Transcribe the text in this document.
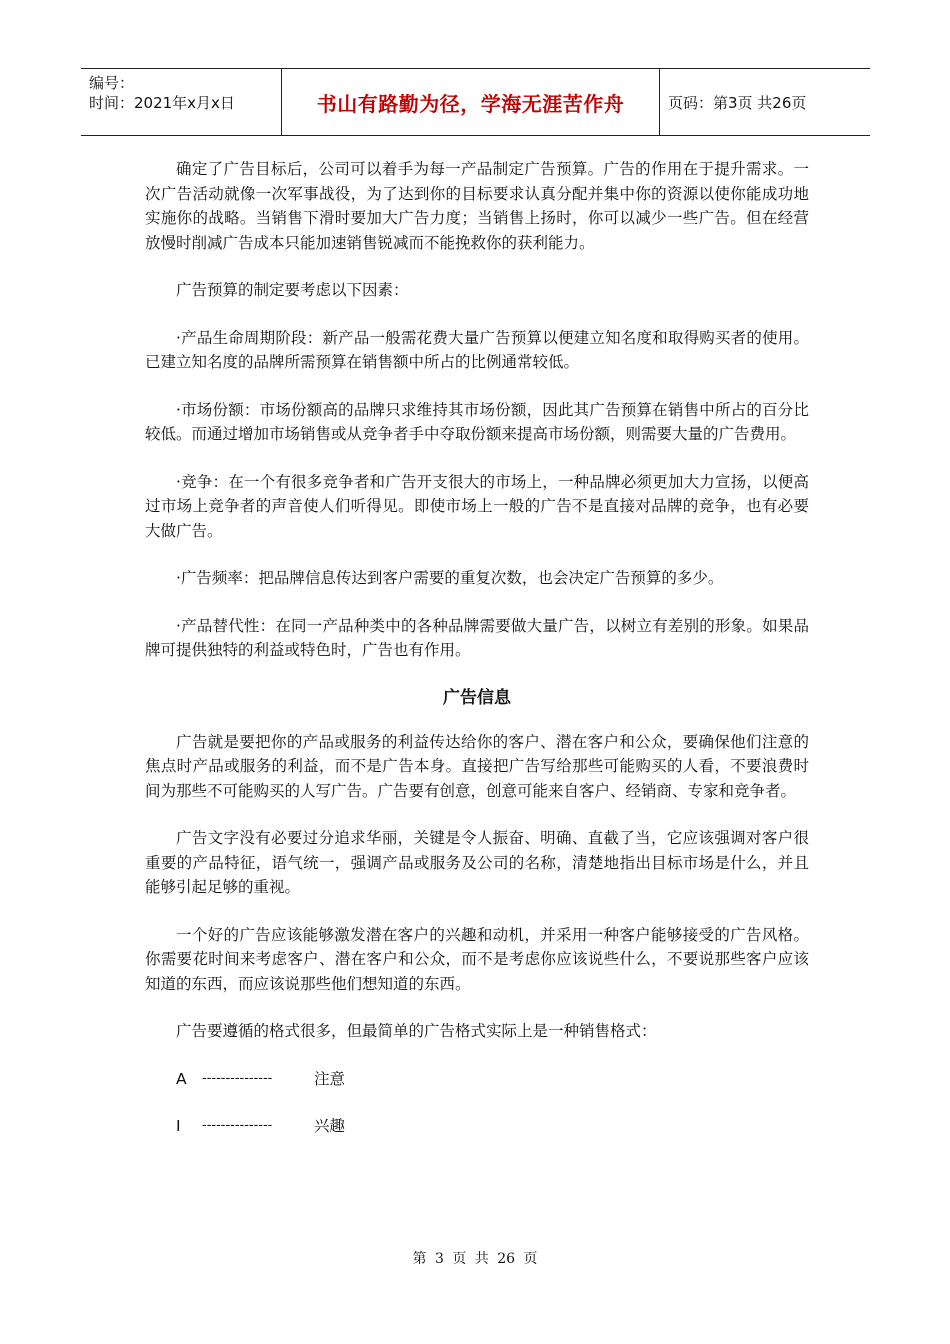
编号：
时间：2021年x月x日	书山有路勤为径，学海无涯苦作舟	页码：第3页 共26页

确定了广告目标后，公司可以着手为每一产品制定广告预算。广告的作用在于提升需求。一次广告活动就像一次军事战役，为了达到你的目标要求认真分配并集中你的资源以使你能成功地实施你的战略。当销售下滑时要加大广告力度；当销售上扬时，你可以减少一些广告。但在经营放慢时削减广告成本只能加速销售锐减而不能挽救你的获利能力。

广告预算的制定要考虑以下因素：

·产品生命周期阶段：新产品一般需花费大量广告预算以便建立知名度和取得购买者的使用。已建立知名度的品牌所需预算在销售额中所占的比例通常较低。

·市场份额：市场份额高的品牌只求维持其市场份额，因此其广告预算在销售中所占的百分比较低。而通过增加市场销售或从竞争者手中夺取份额来提高市场份额，则需要大量的广告费用。

·竞争：在一个有很多竞争者和广告开支很大的市场上，一种品牌必须更加大力宣扬，以便高过市场上竞争者的声音使人们听得见。即使市场上一般的广告不是直接对品牌的竞争，也有必要大做广告。

·广告频率：把品牌信息传达到客户需要的重复次数，也会决定广告预算的多少。

·产品替代性：在同一产品种类中的各种品牌需要做大量广告，以树立有差别的形象。如果品牌可提供独特的利益或特色时，广告也有作用。

广告信息

广告就是要把你的产品或服务的利益传达给你的客户、潜在客户和公众，要确保他们注意的焦点时产品或服务的利益，而不是广告本身。直接把广告写给那些可能购买的人看，不要浪费时间为那些不可能购买的人写广告。广告要有创意，创意可能来自客户、经销商、专家和竞争者。

广告文字没有必要过分追求华丽，关键是令人振奋、明确、直截了当，它应该强调对客户很重要的产品特征，语气统一，强调产品或服务及公司的名称，清楚地指出目标市场是什么，并且能够引起足够的重视。

一个好的广告应该能够激发潜在客户的兴趣和动机，并采用一种客户能够接受的广告风格。你需要花时间来考虑客户、潜在客户和公众，而不是考虑你应该说些什么，不要说那些客户应该知道的东西，而应该说那些他们想知道的东西。

广告要遵循的格式很多，但最简单的广告格式实际上是一种销售格式：

A	---------------	注意
I	---------------	兴趣
第 3 页 共 26 页
